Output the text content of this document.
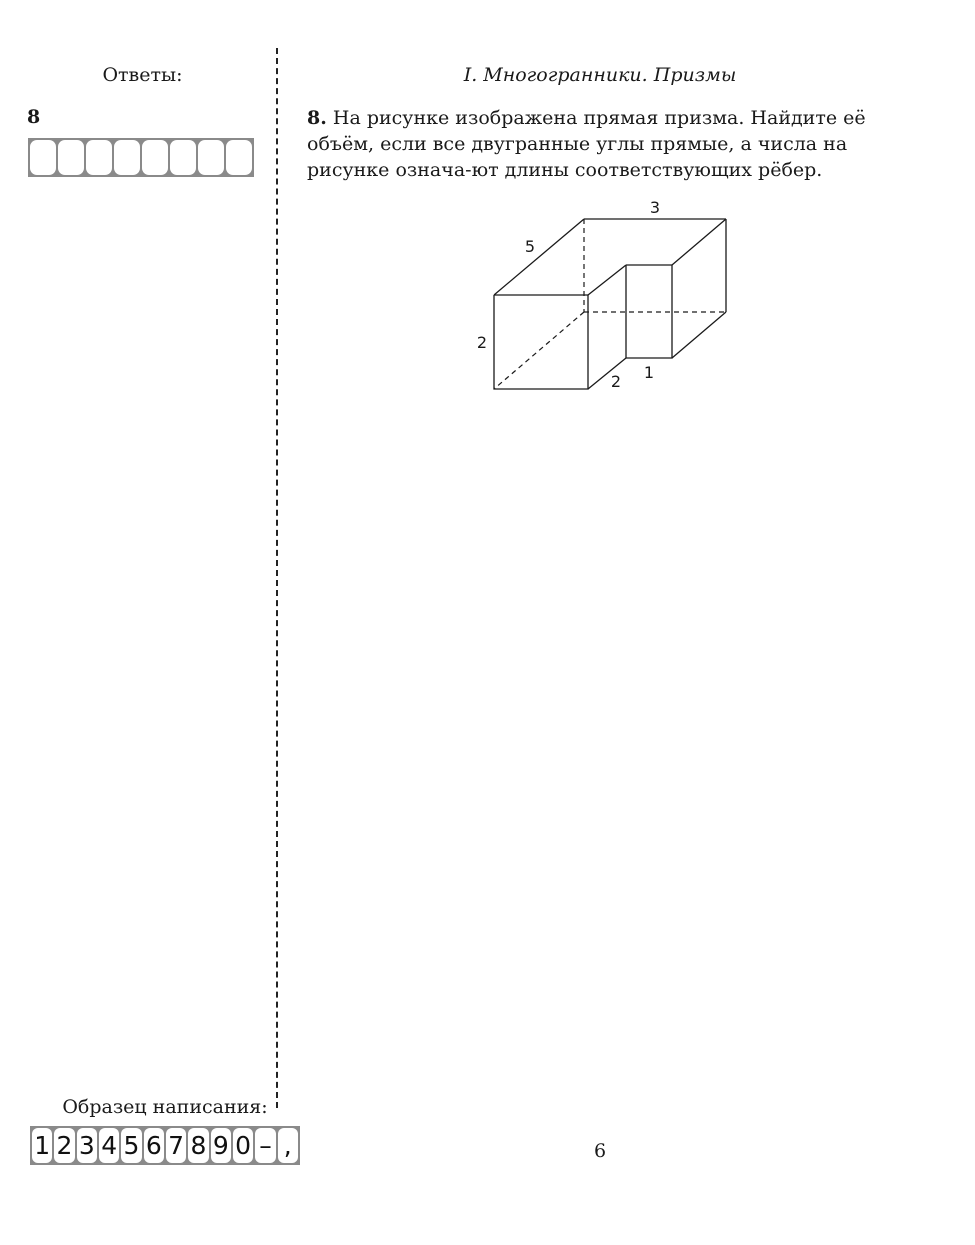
Ответы:
8
I. Многогранники. Призмы
8. На рисунке изображена прямая призма. Найдите её объём, если все двугранные углы прямые, а числа на рисунке означа-ют длины соответствующих рёбер.
3
5
2
2 1
Образец написания:
1 2 3 4 5 6 7 8 9 0 – ,	6
